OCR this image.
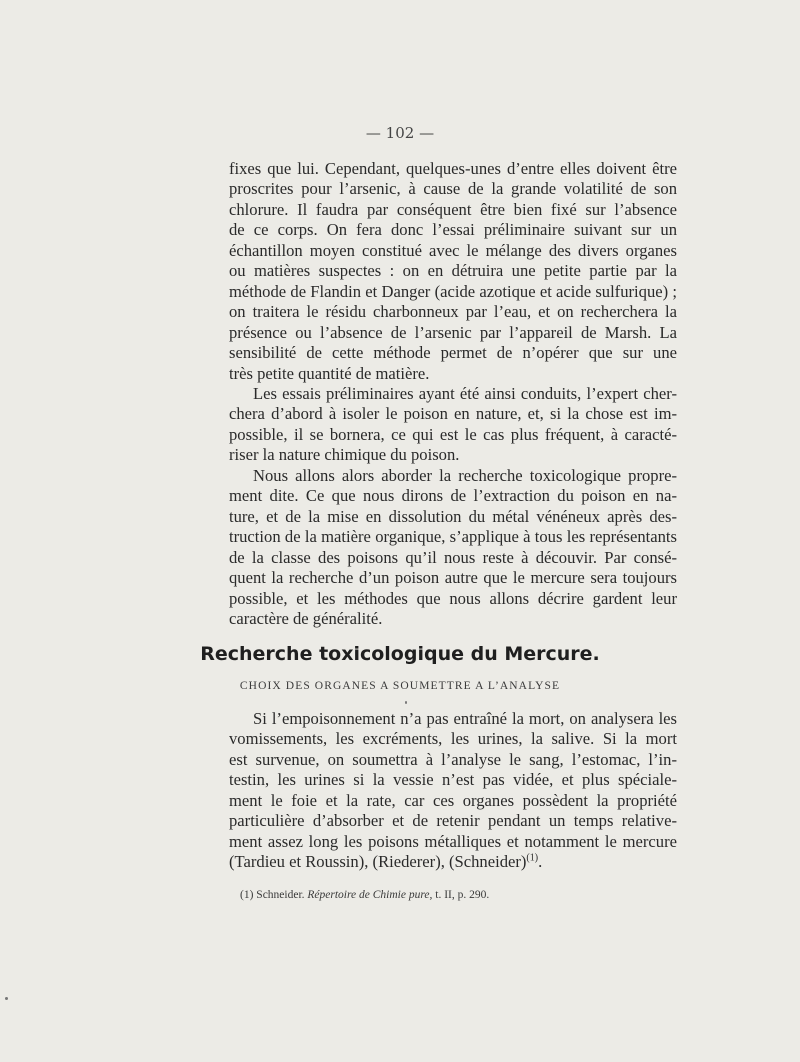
— 102 —
fixes que lui. Cependant, quelques-unes d’entre elles doivent être
proscrites pour l’arsenic, à cause de la grande volatilité de son
chlorure. Il faudra par conséquent être bien fixé sur l’absence
de ce corps. On fera donc l’essai préliminaire suivant sur un
échantillon moyen constitué avec le mélange des divers organes
ou matières suspectes : on en détruira une petite partie par la
méthode de Flandin et Danger (acide azotique et acide sulfurique) ;
on traitera le résidu charbonneux par l’eau, et on recherchera la
présence ou l’absence de l’arsenic par l’appareil de Marsh. La
sensibilité de cette méthode permet de n’opérer que sur une
très petite quantité de matière.
Les essais préliminaires ayant été ainsi conduits, l’expert cher-
chera d’abord à isoler le poison en nature, et, si la chose est im-
possible, il se bornera, ce qui est le cas plus fréquent, à caracté-
riser la nature chimique du poison.
Nous allons alors aborder la recherche toxicologique propre-
ment dite. Ce que nous dirons de l’extraction du poison en na-
ture, et de la mise en dissolution du métal vénéneux après des-
truction de la matière organique, s’applique à tous les représentants
de la classe des poisons qu’il nous reste à découvir. Par consé-
quent la recherche d’un poison autre que le mercure sera toujours
possible, et les méthodes que nous allons décrire gardent leur
caractère de généralité.
Recherche toxicologique du Mercure.
CHOIX DES ORGANES A SOUMETTRE A L’ANALYSE
Si l’empoisonnement n’a pas entraîné la mort, on analysera les
vomissements, les excréments, les urines, la salive. Si la mort
est survenue, on soumettra à l’analyse le sang, l’estomac, l’in-
testin, les urines si la vessie n’est pas vidée, et plus spéciale-
ment le foie et la rate, car ces organes possèdent la propriété
particulière d’absorber et de retenir pendant un temps relative-
ment assez long les poisons métalliques et notamment le mercure
(Tardieu et Roussin), (Riederer), (Schneider)$^{(1)}$.
(1) Schneider. Répertoire de Chimie pure, t. II, p. 290.
